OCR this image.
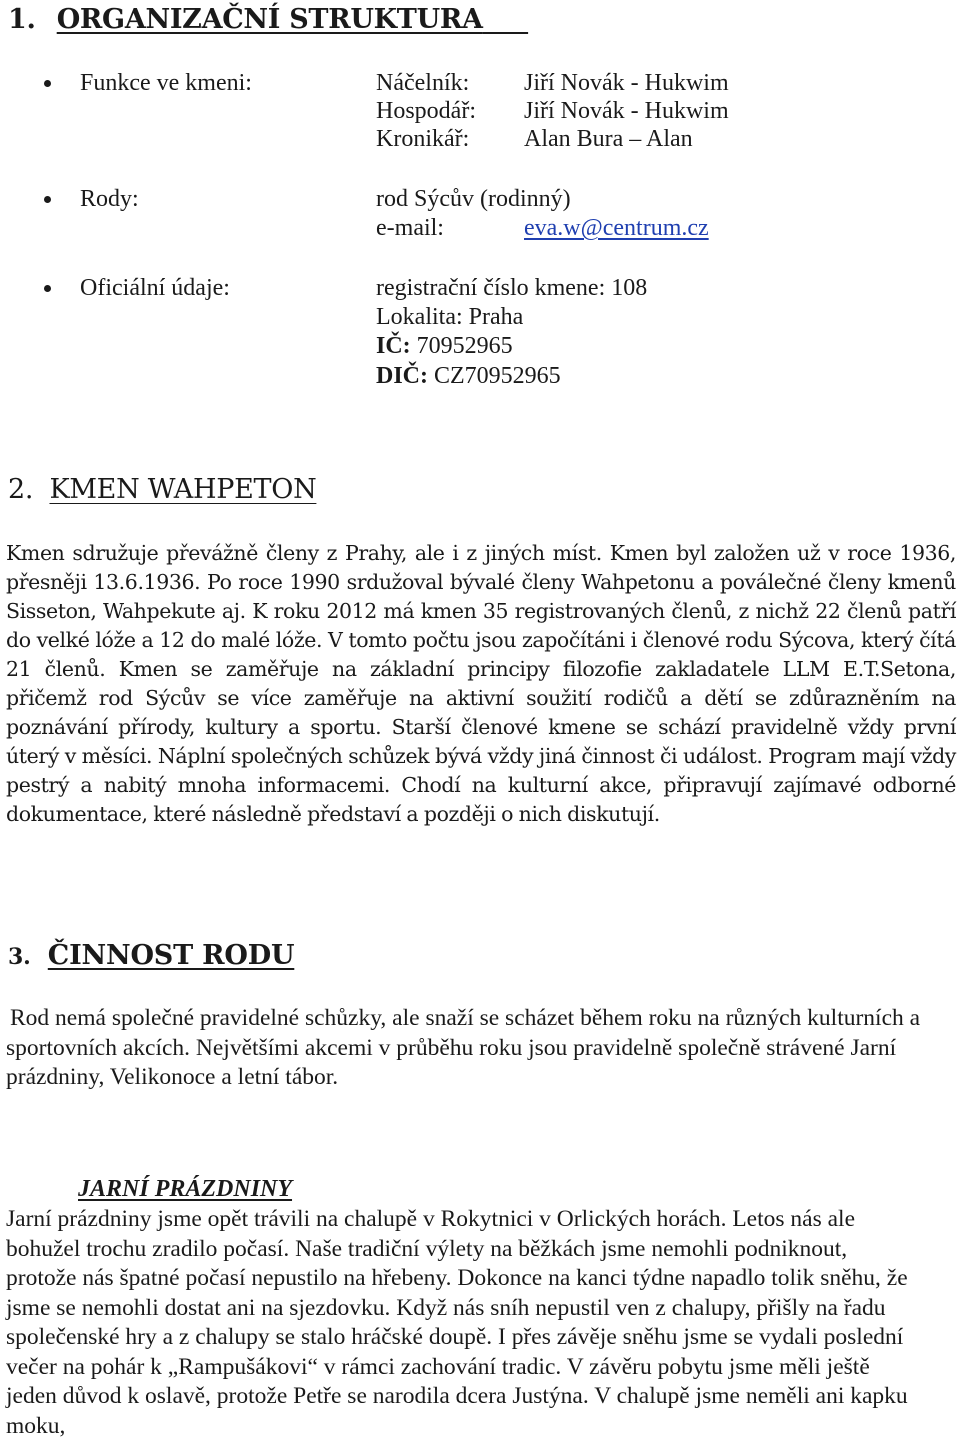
1. ORGANIZAČNÍ STRUKTURA
Funkce ve kmeni:	Náčelník: Jiří Novák - Hukwim
Hospodář: Jiří Novák - Hukwim
Kronikář: Alan Bura – Alan
Rody:	rod Sýcův (rodinný)
e-mail:	eva.w@centrum.cz
Oficiální údaje:	registrační číslo kmene: 108
Lokalita: Praha
IČ: 70952965
DIČ: CZ70952965
2. KMEN WAHPETON
Kmen sdružuje převážně členy z Prahy, ale i z jiných míst. Kmen byl založen už v roce 1936, přesněji 13.6.1936. Po roce 1990 srdužoval bývalé členy Wahpetonu a poválečné členy kmenů Sisseton, Wahpekute aj. K roku 2012 má kmen 35 registrovaných členů, z nichž 22 členů patří do velké lóže a 12 do malé lóže. V tomto počtu jsou započítáni i členové rodu Sýcova, který čítá 21 členů. Kmen se zaměřuje na základní principy filozofie zakladatele LLM E.T.Setona, přičemž rod Sýcův se více zaměřuje na aktivní soužití rodičů a dětí se zdůrazněním na poznávání přírody, kultury a sportu. Starší členové kmene se schází pravidelně vždy první úterý v měsíci. Náplní společných schůzek bývá vždy jiná činnost či událost. Program mají vždy pestrý a nabitý mnoha informacemi. Chodí na kulturní akce, připravují zajímavé odborné dokumentace, které následně představí a později o nich diskutují.
3. ČINNOST RODU
Rod nemá společné pravidelné schůzky, ale snaží se scházet během roku na různých kulturních a sportovních akcích. Největšími akcemi v průběhu roku jsou pravidelně společně strávené Jarní prázdniny, Velikonoce a letní tábor.
JARNÍ PRÁZDNINY
Jarní prázdniny jsme opět trávili na chalupě v Rokytnici v Orlických horách. Letos nás ale bohužel trochu zradilo počasí. Naše tradiční výlety na běžkách jsme nemohli podniknout, protože nás špatné počasí nepustilo na hřebeny. Dokonce na kanci týdne napadlo tolik sněhu, že jsme se nemohli dostat ani na sjezdovku. Když nás sníh nepustil ven z chalupy, přišly na řadu společenské hry a z chalupy se stalo hráčské doupě. I přes závěje sněhu jsme se vydali poslední večer na pohár k „Rampušákovi“ v rámci zachování tradic. V závěru pobytu jsme měli ještě jeden důvod k oslavě, protože Petře se narodila dcera Justýna. V chalupě jsme neměli ani kapku moku,
